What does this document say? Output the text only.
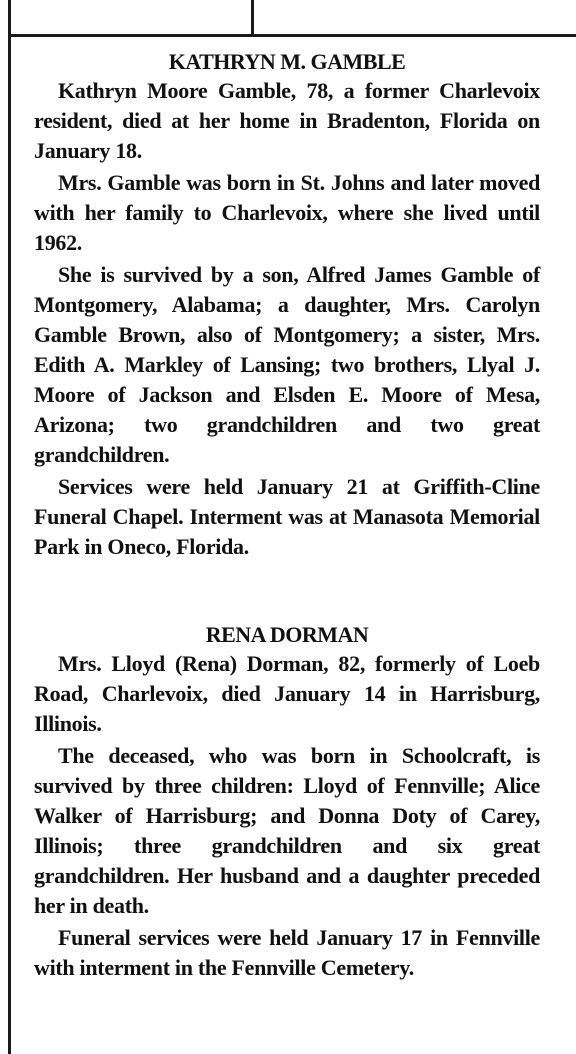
KATHRYN M. GAMBLE

Kathryn Moore Gamble, 78, a former Charlevoix resident, died at her home in Bradenton, Florida on January 18.

Mrs. Gamble was born in St. Johns and later moved with her family to Charlevoix, where she lived until 1962.

She is survived by a son, Alfred James Gamble of Montgomery, Alabama; a daughter, Mrs. Carolyn Gamble Brown, also of Montgomery; a sister, Mrs. Edith A. Markley of Lansing; two brothers, Llyal J. Moore of Jackson and Elsden E. Moore of Mesa, Arizona; two grandchildren and two great grandchildren.

Services were held January 21 at Griffith-Cline Funeral Chapel. Interment was at Manasota Memorial Park in Oneco, Florida.

RENA DORMAN

Mrs. Lloyd (Rena) Dorman, 82, formerly of Loeb Road, Charlevoix, died January 14 in Harrisburg, Illinois.

The deceased, who was born in Schoolcraft, is survived by three children: Lloyd of Fennville; Alice Walker of Harrisburg; and Donna Doty of Carey, Illinois; three grandchildren and six great grandchildren. Her husband and a daughter preceded her in death.

Funeral services were held January 17 in Fennville with interment in the Fennville Cemetery.
